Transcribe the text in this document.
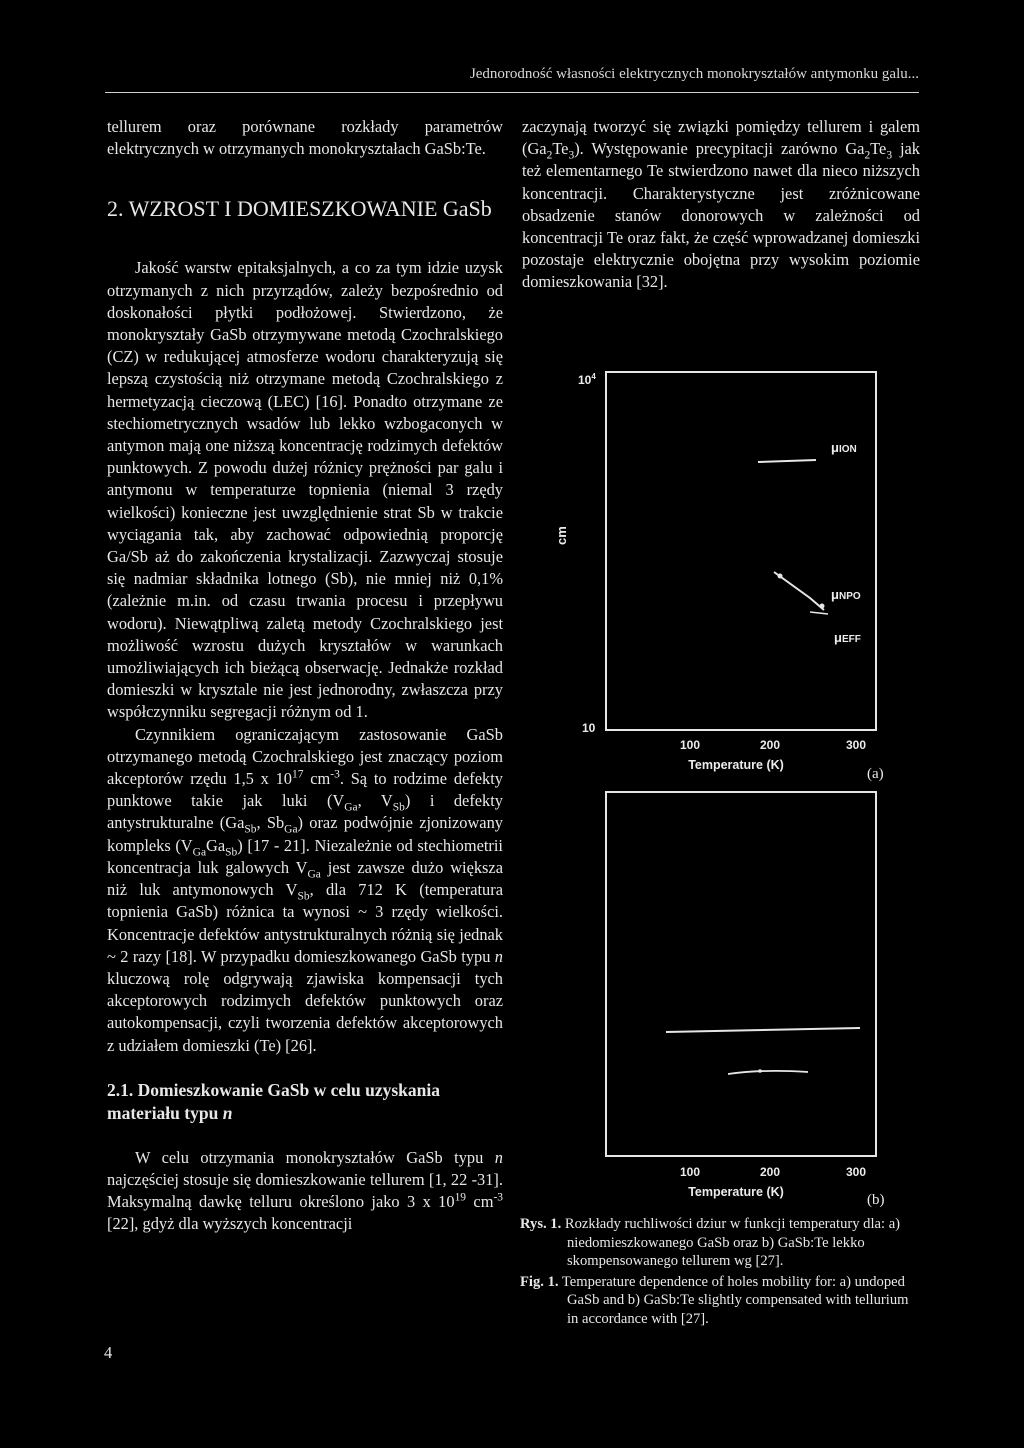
Jednorodność własności elektrycznych monokryształów antymonku galu...

tellurem oraz porównane rozkłady parametrów elektrycznych w otrzymanych monokryształach GaSb:Te.

2. WZROST I DOMIESZKOWANIE GaSb

Jakość warstw epitaksjalnych, a co za tym idzie uzysk otrzymanych z nich przyrządów, zależy bezpośrednio od doskonałości płytki podłożowej. Stwierdzono, że monokryształy GaSb otrzymywane metodą Czochralskiego (CZ) w redukującej atmosferze wodoru charakteryzują się lepszą czystością niż otrzymane metodą Czochralskiego z hermetyzacją cieczową (LEC) [16]. Ponadto otrzymane ze stechiometrycznych wsadów lub lekko wzbogaconych w antymon mają one niższą koncentrację rodzimych defektów punktowych. Z powodu dużej różnicy prężności par galu i antymonu w temperaturze topnienia (niemal 3 rzędy wielkości) konieczne jest uwzględnienie strat Sb w trakcie wyciągania tak, aby zachować odpowiednią proporcję Ga/Sb aż do zakończenia krystalizacji. Zazwyczaj stosuje się nadmiar składnika lotnego (Sb), nie mniej niż 0,1% (zależnie m.in. od czasu trwania procesu i przepływu wodoru). Niewątpliwą zaletą metody Czochralskiego jest możliwość wzrostu dużych kryształów w warunkach umożliwiających ich bieżącą obserwację. Jednakże rozkład domieszki w krysztale nie jest jednorodny, zwłaszcza przy współczynniku segregacji różnym od 1.

Czynnikiem ograniczającym zastosowanie GaSb otrzymanego metodą Czochralskiego jest znaczący poziom akceptorów rzędu 1,5 x $10^{17}$ $cm^{-3}$. Są to rodzime defekty punktowe takie jak luki ($V_{Ga}$, $V_{Sb}$) i defekty antystrukturalne ($Ga_{Sb}$, $Sb_{Ga}$) oraz podwójnie zjonizowany kompleks $(V_{Ga}Ga_{Sb})$ [17 - 21]. Niezależnie od stechiometrii koncentracja luk galowych $V_{Ga}$ jest zawsze dużo większa niż luk antymonowych $V_{Sb}$, dla 712 K (temperatura topnienia GaSb) różnica ta wynosi ~ 3 rzędy wielkości. Koncentracje defektów antystrukturalnych różnią się jednak ~ 2 razy [18]. W przypadku domieszkowanego GaSb typu n kluczową rolę odgrywają zjawiska kompensacji tych akceptorowych rodzimych defektów punktowych oraz autokompensacji, czyli tworzenia defektów akceptorowych z udziałem domieszki (Te) [26].

2.1. Domieszkowanie GaSb w celu uzyskania materiału typu n

W celu otrzymania monokryształów GaSb typu n najczęściej stosuje się domieszkowanie tellurem [1, 22 -31]. Maksymalną dawkę telluru określono jako 3 x $10^{19}$ $cm^{-3}$ [22], gdyż dla wyższych koncentracji

4

zaczynają tworzyć się związki pomiędzy tellurem i galem $(Ga_2Te_3)$. Występowanie precypitacji zarówno $Ga_2Te_3$ jak też elementarnego Te stwierdzono nawet dla nieco niższych koncentracji. Charakterystyczne jest zróżnicowane obsadzenie stanów donorowych w zależności od koncentracji Te oraz fakt, że część wprowadzanej domieszki pozostaje elektrycznie obojętna przy wysokim poziomie domieszkowania [32].

$10^4$
10
cm
μION
μNPO
μEFF
100	200	300
Temperature (K)
(a)
100	200	300
Temperature (K)	(b)

Rys. 1. Rozkłady ruchliwości dziur w funkcji temperatury dla: a) niedomieszkowanego GaSb oraz b) GaSb:Te lekko skompensowanego tellurem wg [27].

Fig. 1. Temperature dependence of holes mobility for: a) undoped GaSb and b) GaSb:Te slightly compensated with tellurium in accordance with [27].
